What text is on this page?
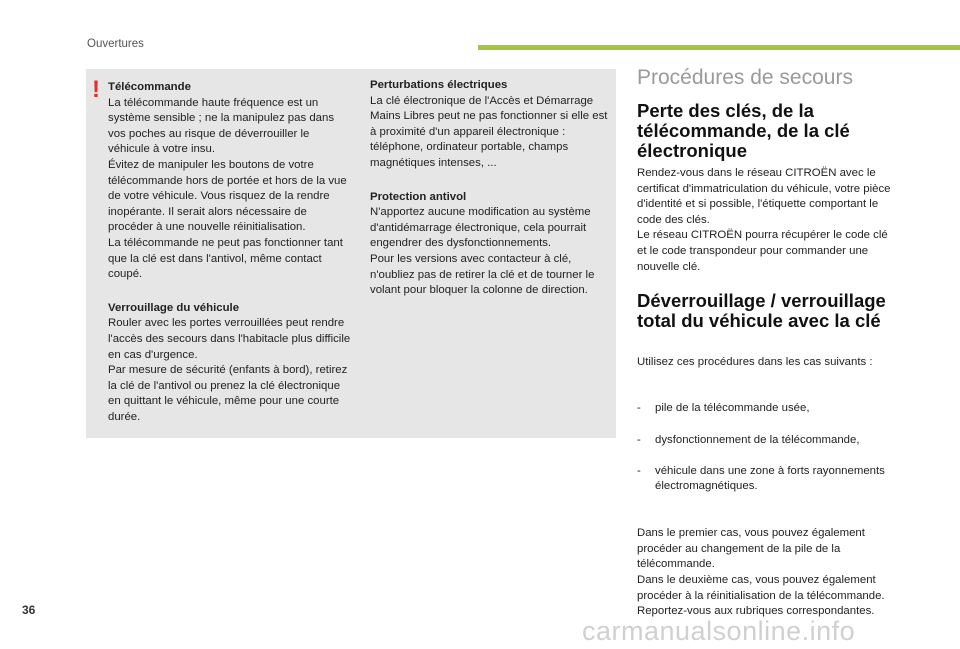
Ouvertures
! Télécommande
La télécommande haute fréquence est un système sensible ; ne la manipulez pas dans vos poches au risque de déverrouiller le véhicule à votre insu.
Évitez de manipuler les boutons de votre télécommande hors de portée et hors de la vue de votre véhicule. Vous risquez de la rendre inopérante. Il serait alors nécessaire de procéder à une nouvelle réinitialisation.
La télécommande ne peut pas fonctionner tant que la clé est dans l'antivol, même contact coupé.
Verrouillage du véhicule
Rouler avec les portes verrouillées peut rendre l'accès des secours dans l'habitacle plus difficile en cas d'urgence.
Par mesure de sécurité (enfants à bord), retirez la clé de l'antivol ou prenez la clé électronique en quittant le véhicule, même pour une courte durée.
Perturbations électriques
La clé électronique de l'Accès et Démarrage Mains Libres peut ne pas fonctionner si elle est à proximité d'un appareil électronique : téléphone, ordinateur portable, champs magnétiques intenses, ...
Protection antivol
N'apportez aucune modification au système d'antidémarrage électronique, cela pourrait engendrer des dysfonctionnements.
Pour les versions avec contacteur à clé, n'oubliez pas de retirer la clé et de tourner le volant pour bloquer la colonne de direction.
Procédures de secours
Perte des clés, de la télécommande, de la clé électronique
Rendez-vous dans le réseau CITROËN avec le certificat d'immatriculation du véhicule, votre pièce d'identité et si possible, l'étiquette comportant le code des clés.
Le réseau CITROËN pourra récupérer le code clé et le code transpondeur pour commander une nouvelle clé.
Déverrouillage / verrouillage total du véhicule avec la clé

Utilisez ces procédures dans les cas suivants :

- pile de la télécommande usée,

- dysfonctionnement de la télécommande,

- véhicule dans une zone à forts rayonnements électromagnétiques.

Dans le premier cas, vous pouvez également procéder au changement de la pile de la télécommande.
Dans le deuxième cas, vous pouvez également procéder à la réinitialisation de la télécommande.
Reportez-vous aux rubriques correspondantes.

36
carmanualsonline.info
